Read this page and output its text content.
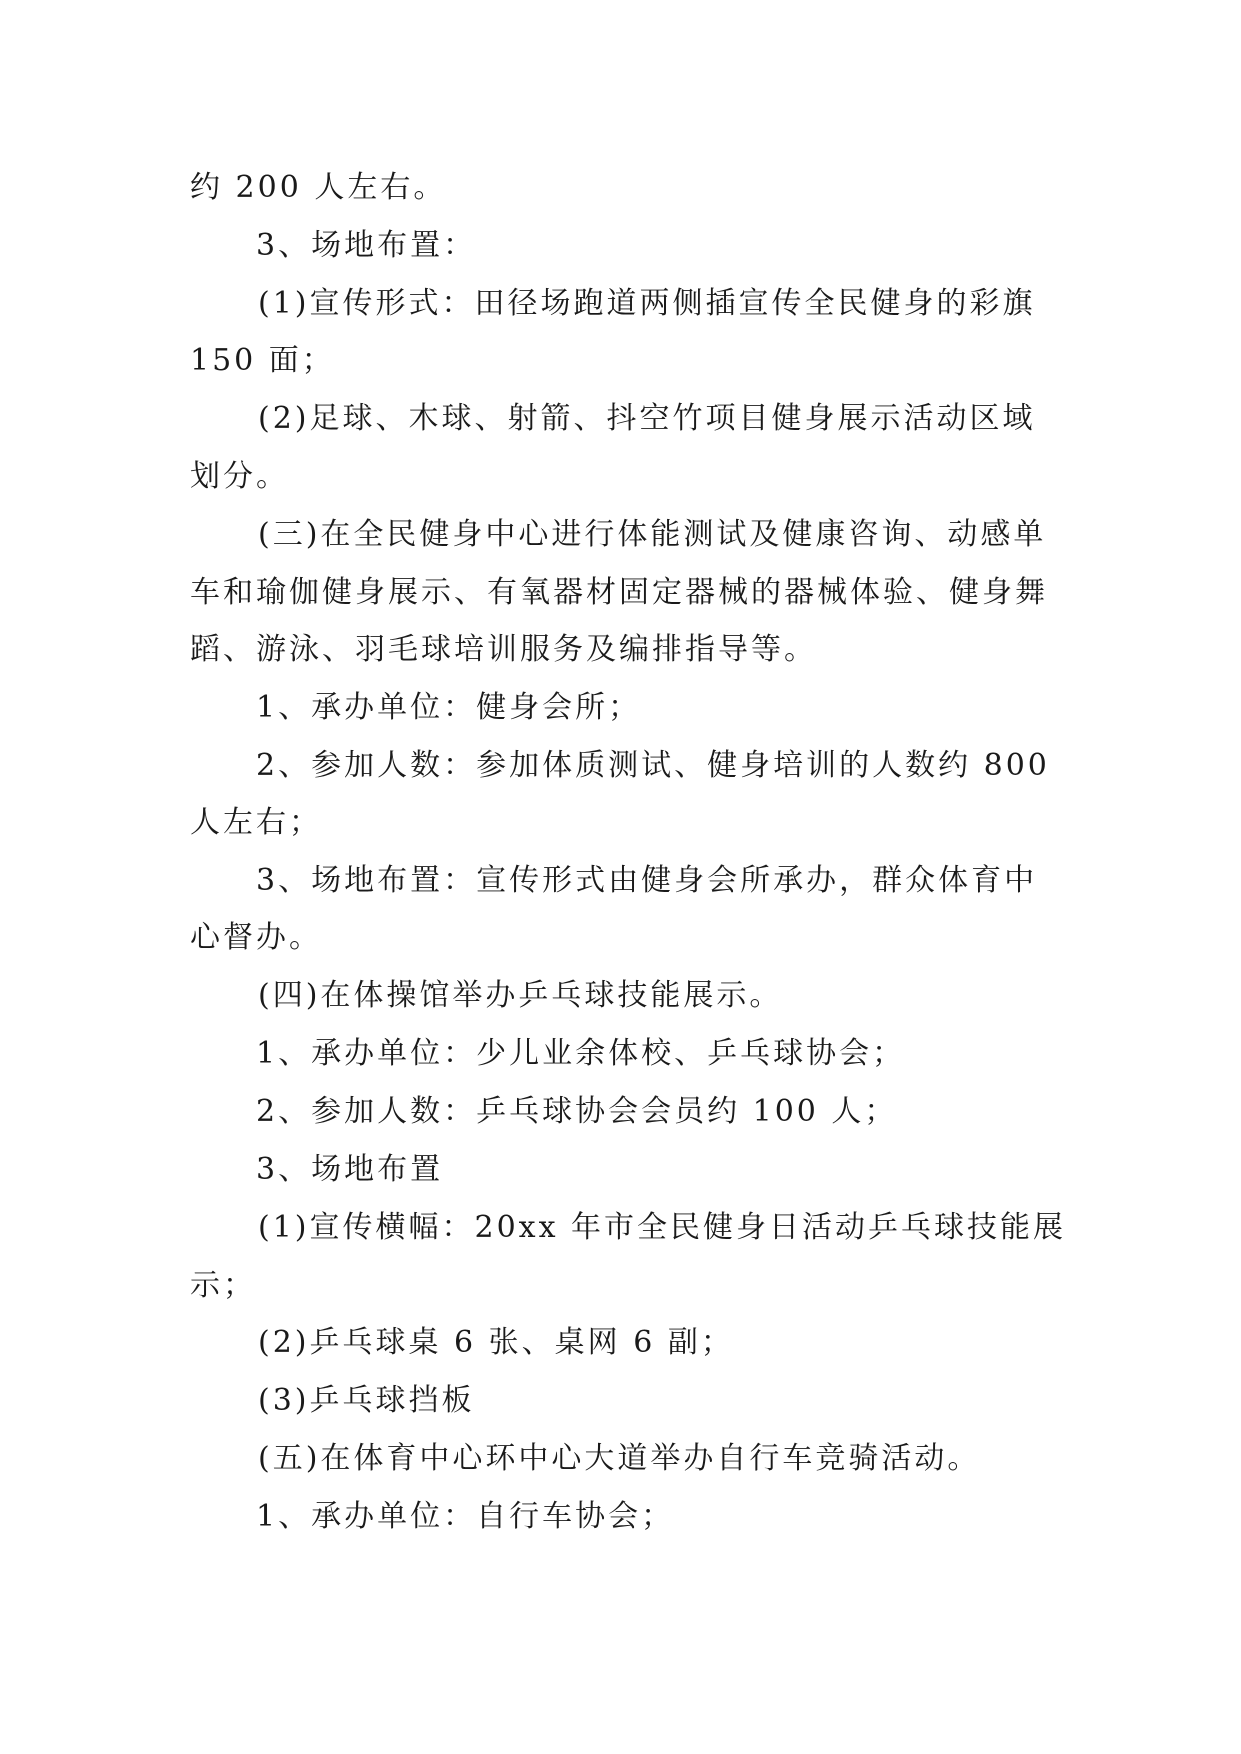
约 200 人左右。
3、场地布置：
(1)宣传形式：田径场跑道两侧插宣传全民健身的彩旗
150 面；
(2)足球、木球、射箭、抖空竹项目健身展示活动区域
划分。
(三)在全民健身中心进行体能测试及健康咨询、动感单
车和瑜伽健身展示、有氧器材固定器械的器械体验、健身舞
蹈、游泳、羽毛球培训服务及编排指导等。
1、承办单位：健身会所；
2、参加人数：参加体质测试、健身培训的人数约 800
人左右；
3、场地布置：宣传形式由健身会所承办，群众体育中
心督办。
(四)在体操馆举办乒乓球技能展示。
1、承办单位：少儿业余体校、乒乓球协会；
2、参加人数：乒乓球协会会员约 100 人；
3、场地布置
(1)宣传横幅：20xx 年市全民健身日活动乒乓球技能展
示；
(2)乒乓球桌 6 张、桌网 6 副；
(3)乒乓球挡板
(五)在体育中心环中心大道举办自行车竞骑活动。
1、承办单位：自行车协会；
